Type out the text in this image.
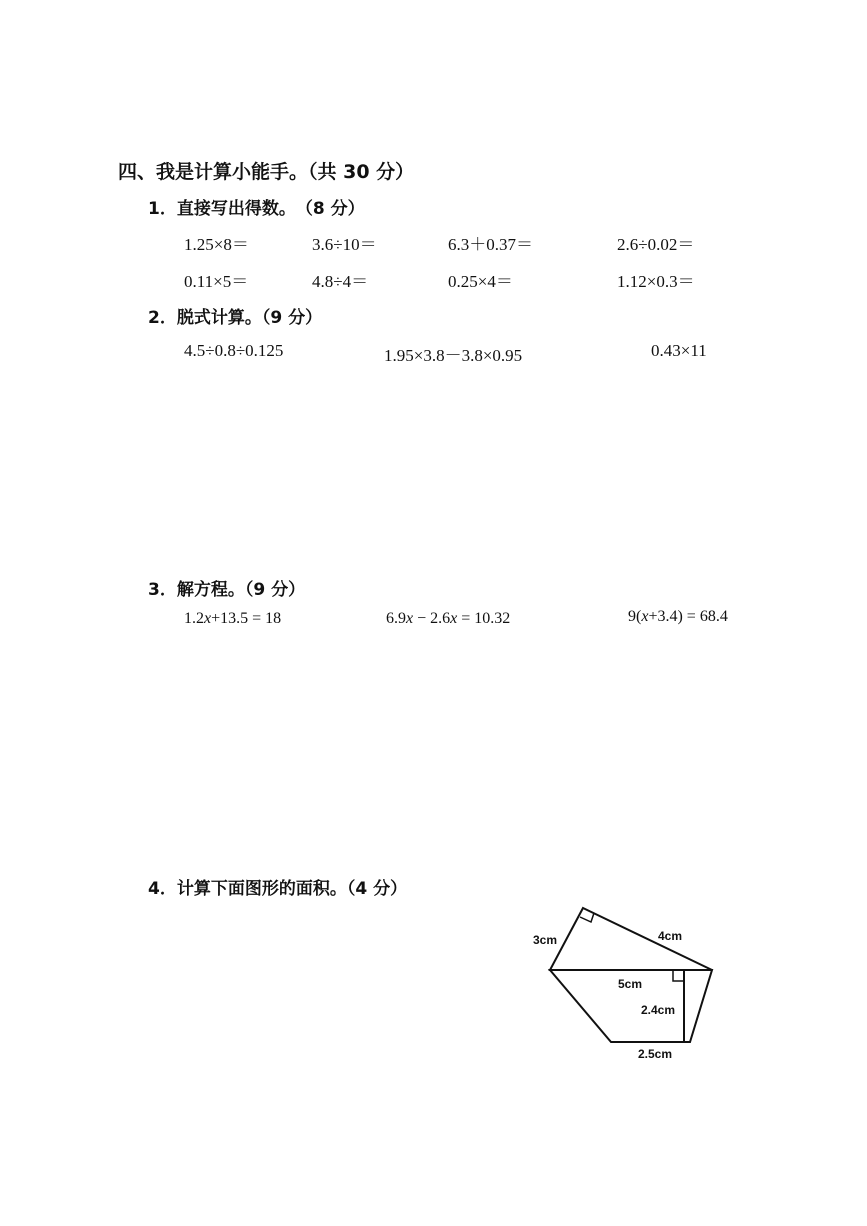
四、我是计算小能手。（共 30 分）
1．直接写出得数。　（8 分）
1.25×8＝	3.6÷10＝	6.3＋0.37＝	2.6÷0.02＝
0.11×5＝	4.8÷4＝	0.25×4＝	1.12×0.3＝
2．脱式计算。（9 分）
4.5÷0.8÷0.125	1.95×3.8－3.8×0.95	0.43×11
3．解方程。（9 分）
1.2x+13.5 = 18	6.9x − 2.6x = 10.32	9(x+3.4) = 68.4
4．计算下面图形的面积。（4 分）
3cm	4cm
5cm
2.4cm
2.5cm
